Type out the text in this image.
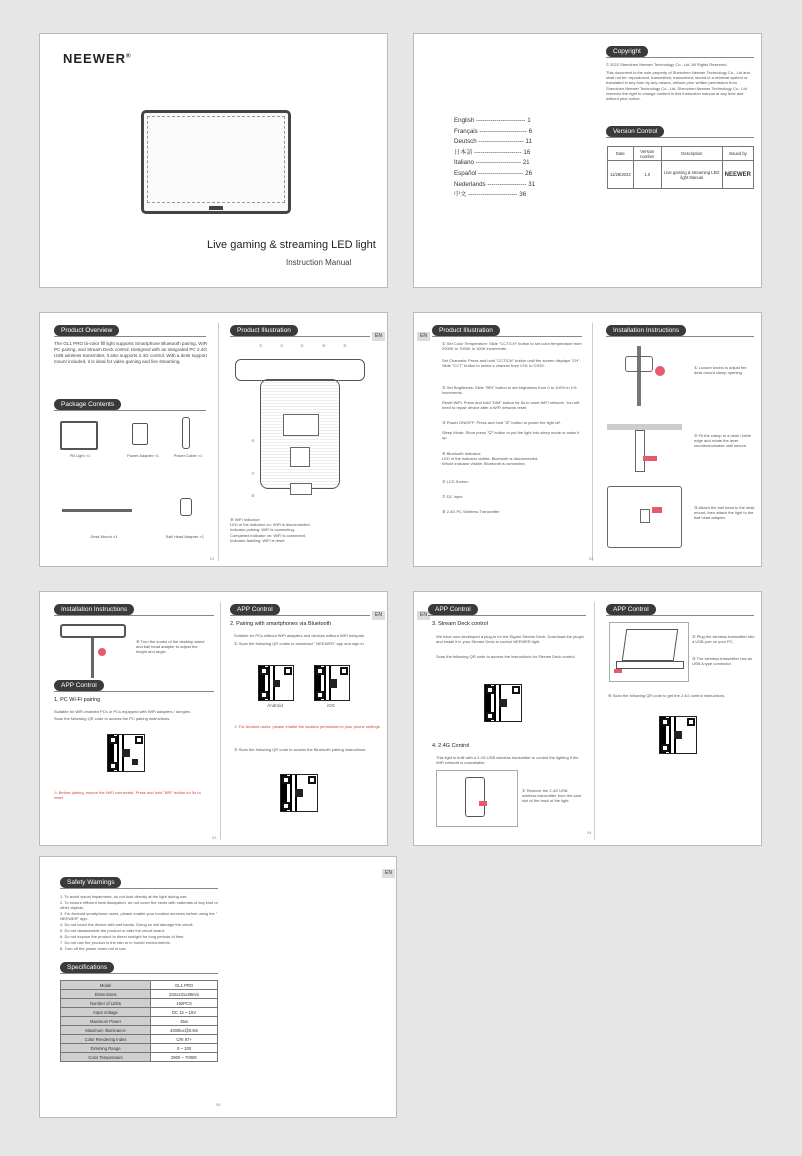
NEEWER®
Live gaming & streaming LED light
Instruction Manual
English ------------------------ 1
Français ----------------------- 6
Deutsch ---------------------- 11
日本語 ----------------------- 16
Italiano ---------------------- 21
Español ---------------------- 26
Nederlands ------------------- 31
中文 ------------------------ 36
Copyright
© 2022 Shenzhen Neewer Technology Co., Ltd. All Rights Reserved.
This document is the sole property of Shenzhen Neewer Technology Co., Ltd and shall not be, reproduced, transmitted, transcribed, stored in a retrieval system or translated in any form by any means, without prior written permission from Shenzhen Neewer Technology Co., Ltd. Shenzhen Neewer Technology Co., Ltd reserves the right to change content in this instruction manual at any time and without prior notice.
Version Control
Date	Version number	Description	Issued by
11/28/2022	1.0	Live gaming & streaming LED light Manual	NEEWER
Product Overview
The GL1 PRO bi-color fill light supports Smartphone Bluetooth pairing, WiFi PC pairing, and Stream Deck control. Designed with an integrated PC 2.4G USB wireless transmitter, it also supports 2.4G control. With a desk support mount included, it is ideal for video gaming and live streaming.
Package Contents
Fill Light ×1	Power Adapter ×1	Power Cable ×1
Desk Mount ×1	Ball Head Adapter ×1
Product Illustration
EN
①	②	③	④	⑤
⑥
⑦
⑧
⑨ WiFi Indicator:
LED of the indicator on: WiFi is disconnected.
Indicator pulsing: WiFi is connecting.
Completed indicator on: WiFi is connected.
Indicator flashing: WiFi is reset.
01
EN
Product Illustration
① Set Color Temperature: Slide "CCT/CH" button to set color temperature from 2900K to 7000K in 100K increments.
Set Channels: Press and hold "CCT/CH" button until the screen displays "CH". Slide "CCT" button to select a channel from CH1 to CH32.
② Set Brightness: Slide "BRI" button to set brightness from 0 to 100% in 1% increments.
Reset WiFi: Press and hold "DIM" button for 6s to reset WiFi network. You will need to repair device after a WiFi network reset.
③ Power ON/OFF: Press and hold "⏻" button to power the light off.
Sleep Mode: Short press "⏻" button to put the light into sleep mode or wake it up.
④ Bluetooth Indicator:
LED of the indicator visible: Bluetooth is disconnected.
Whole indicator visible: Bluetooth is connected.
⑤ LCD Screen
⑦ DC Input
⑧ 2.4G PC Wireless Transmitter
Installation Instructions
① Loosen knobs to adjust the desk mount clamp opening.
② Fit the clamp to a desk / table edge and rotate the lever counterclockwise until secure.
③ Attach the ball head to the desk mount, then attach the light to the ball head adapter.
02
Installation Instructions
④ Turn the knobs of the desktop stand and ball head adapter to adjust the height and angle.
APP Control
1. PC Wi-Fi pairing
Suitable for WiFi-enabled PCs or PCs equipped with WiFi adapters / dongles.
Scan the following QR code to access the PC pairing instructions.
⚠ Before pairing, ensure the WiFi connected. Press and hold "BRI" button for 5s to reset.
APP Control
EN
2. Pairing with smartphones via Bluetooth
Suitable for PCs without WiFi adapters and devices without WiFi hotspots.
① Scan the following QR codes to download " NEEWER" app and sign in.
Android	iOS
⚠ For Android users, please enable the location permission in your phone settings.
② Scan the following QR code to access the Bluetooth pairing instructions.
03
EN
APP Control
3. Stream Deck control
We have now developed a plug-in for the Elgato Stream Deck. Download the plugin and install it in your Stream Deck to control NEEWER light.
Scan the following QR code to access the instructions for Stream Deck control.
4. 2.4G Control
This light is built with a 2.4G USB wireless transmitter to control the lighting if the WiFi network is unavailable.
① Remove the 2.4G USB wireless transmitter from the card slot of the back of the light.
APP Control
② Plug the wireless transmitter into a USB port on your PC.
③ The wireless transmitter has an USB A type connector.
④ Scan the following QR code to get the 2.4G control instructions.
04
EN
Safety Warnings
1. To avoid visual impairment, do not look directly at the light during use.
2. To ensure efficient heat dissipation, do not cover the vents with materials of any kind or other objects.
3. For Android smartphone users, please enable your location services before using the " NEEWER" app.
4. Do not touch the device with wet hands. Doing so will damage the circuit.
5. Do not disassemble the product or alter the circuit board.
6. Do not expose the product to direct sunlight for long periods of time.
7. Do not use the product in the rain or in humid environments.
8. Turn off the power when not in use.
Specifications
Model	GL1 PRO
Dimensions	332x231x38mm
Number of LEDs	192PCS
Input Voltage	DC 12 ~ 15V
Maximum Power	45w
Maximum Illuminance	4300lux@0.5m
Color Rendering Index	CRI 97+
Dimming Range	0 ~ 100
Color Temperature	2900 ~ 7000K
05
